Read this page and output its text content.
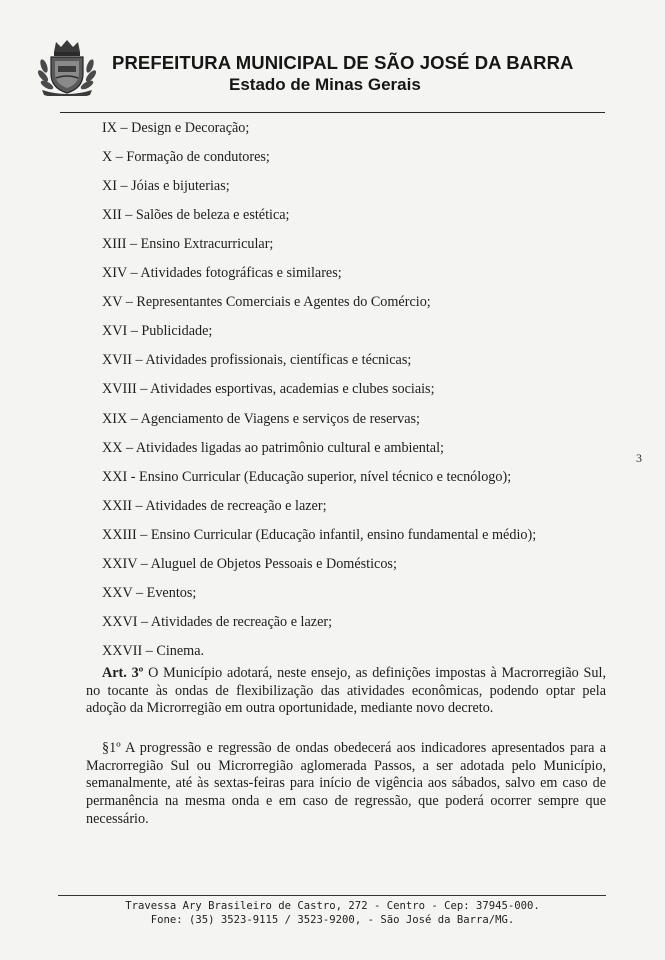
PREFEITURA MUNICIPAL DE SÃO JOSÉ DA BARRA
Estado de Minas Gerais
IX – Design e Decoração;
X – Formação de condutores;
XI – Jóias e bijuterias;
XII – Salões de beleza e estética;
XIII – Ensino Extracurricular;
XIV – Atividades fotográficas e similares;
XV – Representantes Comerciais e Agentes do Comércio;
XVI – Publicidade;
XVII – Atividades profissionais, científicas e técnicas;
XVIII – Atividades esportivas, academias e clubes sociais;
XIX – Agenciamento de Viagens e serviços de reservas;
XX – Atividades ligadas ao patrimônio cultural e ambiental;
XXI - Ensino Curricular (Educação superior, nível técnico e tecnólogo);
XXII – Atividades de recreação e lazer;
XXIII – Ensino Curricular (Educação infantil, ensino fundamental e médio);
XXIV – Aluguel de Objetos Pessoais e Domésticos;
XXV – Eventos;
XXVI – Atividades de recreação e lazer;
XXVII – Cinema.
3
Art. 3º O Município adotará, neste ensejo, as definições impostas à Macrorregião Sul, no tocante às ondas de flexibilização das atividades econômicas, podendo optar pela adoção da Microrregião em outra oportunidade, mediante novo decreto.
§1º A progressão e regressão de ondas obedecerá aos indicadores apresentados para a Macrorregião Sul ou Microrregião aglomerada Passos, a ser adotada pelo Município, semanalmente, até às sextas-feiras para início de vigência aos sábados, salvo em caso de permanência na mesma onda e em caso de regressão, que poderá ocorrer sempre que necessário.
Travessa Ary Brasileiro de Castro, 272 - Centro - Cep: 37945-000.
Fone: (35) 3523-9115 / 3523-9200, - São José da Barra/MG.
